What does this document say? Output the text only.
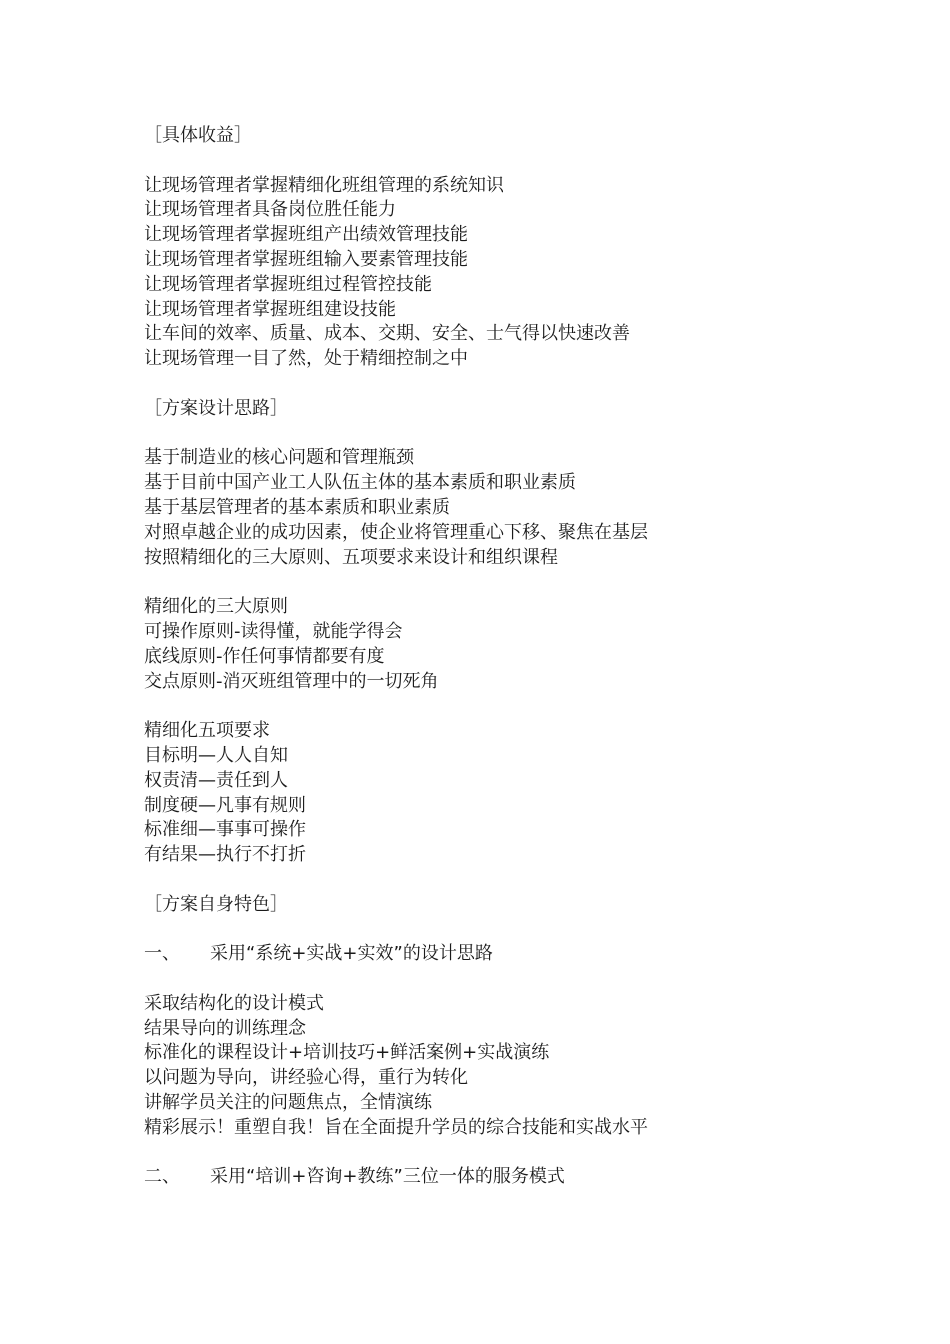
［具体收益］
让现场管理者掌握精细化班组管理的系统知识
让现场管理者具备岗位胜任能力
让现场管理者掌握班组产出绩效管理技能
让现场管理者掌握班组输入要素管理技能
让现场管理者掌握班组过程管控技能
让现场管理者掌握班组建设技能
让车间的效率、质量、成本、交期、安全、士气得以快速改善
让现场管理一目了然，处于精细控制之中
［方案设计思路］
基于制造业的核心问题和管理瓶颈
基于目前中国产业工人队伍主体的基本素质和职业素质
基于基层管理者的基本素质和职业素质
对照卓越企业的成功因素，使企业将管理重心下移、聚焦在基层
按照精细化的三大原则、五项要求来设计和组织课程
精细化的三大原则
可操作原则-读得懂，就能学得会
底线原则-作任何事情都要有度
交点原则-消灭班组管理中的一切死角
精细化五项要求
目标明—人人自知
权责清—责任到人
制度硬—凡事有规则
标准细—事事可操作
有结果—执行不打折
［方案自身特色］
一、	采用“系统+实战+实效”的设计思路
采取结构化的设计模式
结果导向的训练理念
标准化的课程设计+培训技巧+鲜活案例+实战演练
以问题为导向，讲经验心得，重行为转化
讲解学员关注的问题焦点，全情演练
精彩展示！重塑自我！旨在全面提升学员的综合技能和实战水平
二、	采用“培训+咨询+教练”三位一体的服务模式
